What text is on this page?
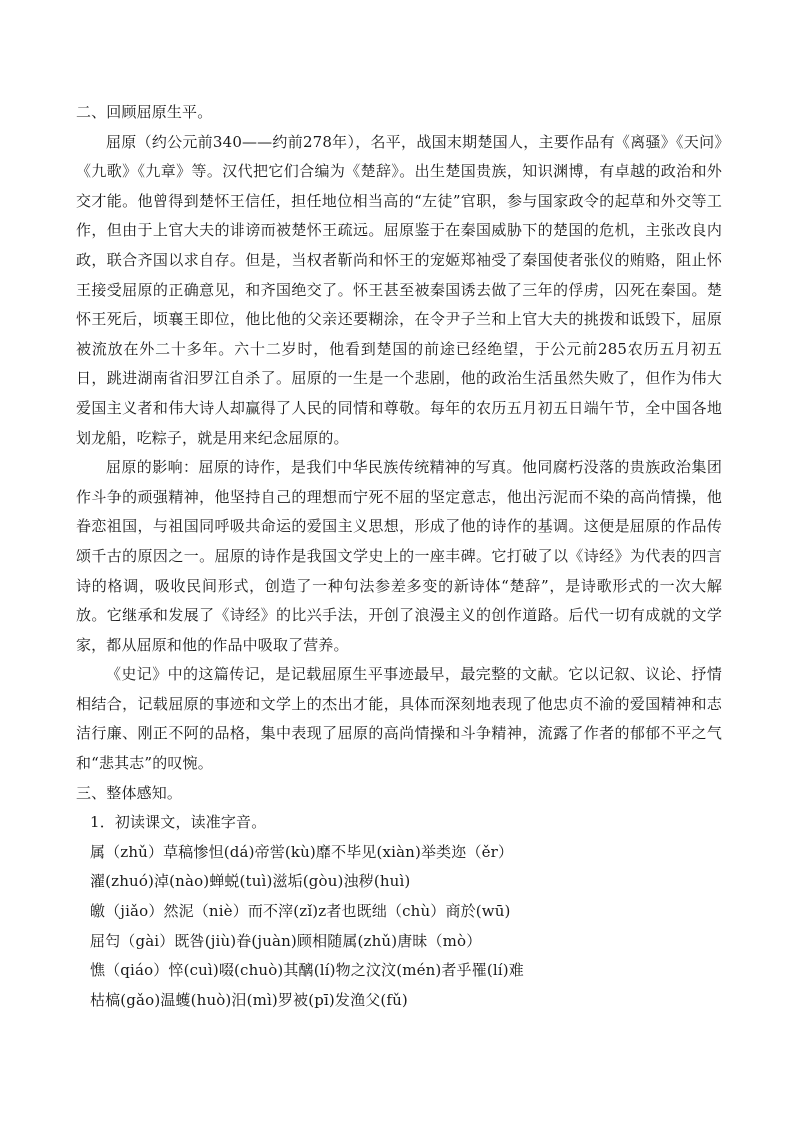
二、回顾屈原生平。

屈原（约公元前340——约前278年），名平，战国末期楚国人，主要作品有《离骚》《天问》《九歌》《九章》等。汉代把它们合编为《楚辞》。出生楚国贵族，知识渊博，有卓越的政治和外交才能。他曾得到楚怀王信任，担任地位相当高的“左徒”官职，参与国家政令的起草和外交等工作，但由于上官大夫的诽谤而被楚怀王疏远。屈原鉴于在秦国威胁下的楚国的危机，主张改良内政，联合齐国以求自存。但是，当权者靳尚和怀王的宠姬郑袖受了秦国使者张仪的贿赂，阻止怀王接受屈原的正确意见，和齐国绝交了。怀王甚至被秦国诱去做了三年的俘虏，囚死在秦国。楚怀王死后，顷襄王即位，他比他的父亲还要糊涂，在令尹子兰和上官大夫的挑拨和诋毁下，屈原被流放在外二十多年。六十二岁时，他看到楚国的前途已经绝望，于公元前285农历五月初五日，跳进湖南省汨罗江自杀了。屈原的一生是一个悲剧，他的政治生活虽然失败了，但作为伟大爱国主义者和伟大诗人却赢得了人民的同情和尊敬。每年的农历五月初五日端午节，全中国各地划龙船，吃粽子，就是用来纪念屈原的。

屈原的影响：屈原的诗作，是我们中华民族传统精神的写真。他同腐朽没落的贵族政治集团作斗争的顽强精神，他坚持自己的理想而宁死不屈的坚定意志，他出污泥而不染的高尚情操，他眷恋祖国，与祖国同呼吸共命运的爱国主义思想，形成了他的诗作的基调。这便是屈原的作品传颂千古的原因之一。屈原的诗作是我国文学史上的一座丰碑。它打破了以《诗经》为代表的四言诗的格调，吸收民间形式，创造了一种句法参差多变的新诗体“楚辞”，是诗歌形式的一次大解放。它继承和发展了《诗经》的比兴手法，开创了浪漫主义的创作道路。后代一切有成就的文学家，都从屈原和他的作品中吸取了营养。

《史记》中的这篇传记，是记载屈原生平事迹最早，最完整的文献。它以记叙、议论、抒情相结合，记载屈原的事迹和文学上的杰出才能，具体而深刻地表现了他忠贞不渝的爱国精神和志洁行廉、刚正不阿的品格，集中表现了屈原的高尚情操和斗争精神，流露了作者的郁郁不平之气和“悲其志”的叹惋。

三、整体感知。

1．初读课文，读准字音。

属（zhǔ）草稿惨怛(dá)帝喾(kù)靡不毕见(xiàn)举类迩（ěr）

濯(zhuó)淖(nào)蝉蜕(tuì)滋垢(gòu)浊秽(huì)

皦（jiǎo）然泥（niè）而不滓(zǐ)z者也既绌（chù）商於(wū)

屈匄（gài）既咎(jiù)眷(juàn)顾相随属(zhǔ)唐昧（mò）

憔（qiáo）悴(cuì)啜(chuò)其醨(lí)物之汶汶(mén)者乎罹(lí)难

枯槁(gǎo)温蠖(huò)汨(mì)罗被(pī)发渔父(fǔ)
